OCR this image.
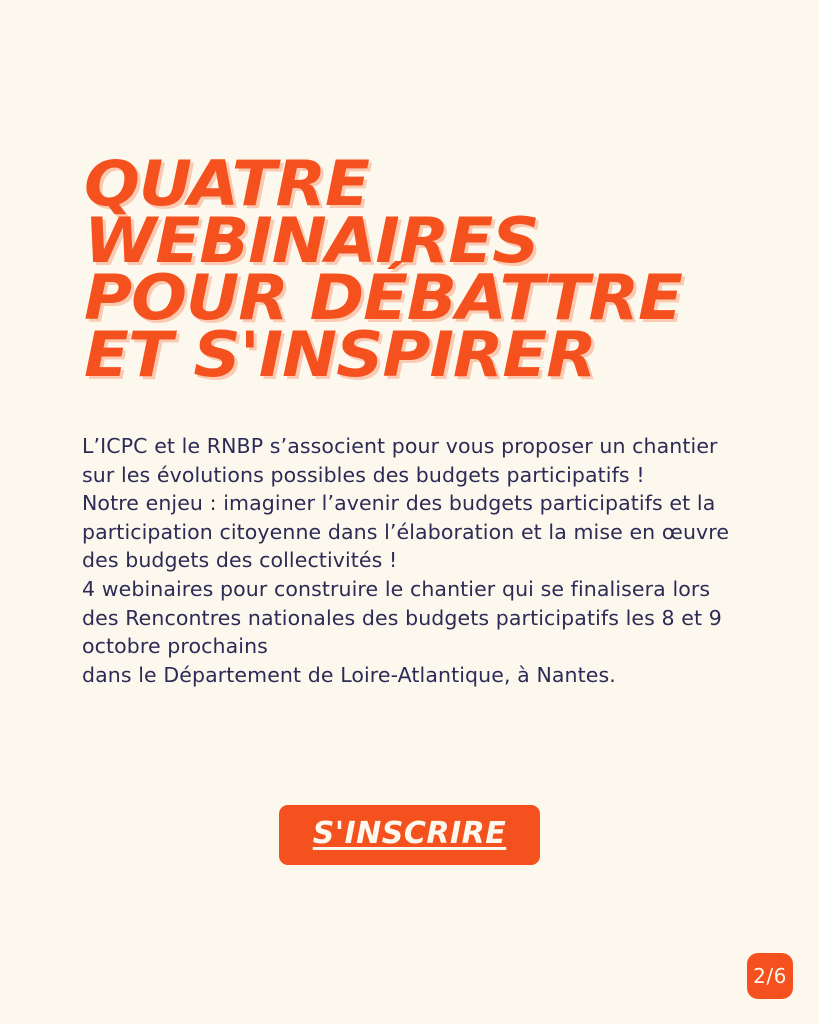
QUATRE
WEBINAIRES
POUR DÉBATTRE
ET S'INSPIRER

L’ICPC et le RNBP s’associent pour vous proposer un chantier sur les évolutions possibles des budgets participatifs !

Notre enjeu : imaginer l’avenir des budgets participatifs et la participation citoyenne dans l’élaboration et la mise en œuvre des budgets des collectivités !

4 webinaires pour construire le chantier qui se finalisera lors des Rencontres nationales des budgets participatifs les 8 et 9 octobre prochains

dans le Département de Loire-Atlantique, à Nantes.

S'INSCRIRE
2/6
